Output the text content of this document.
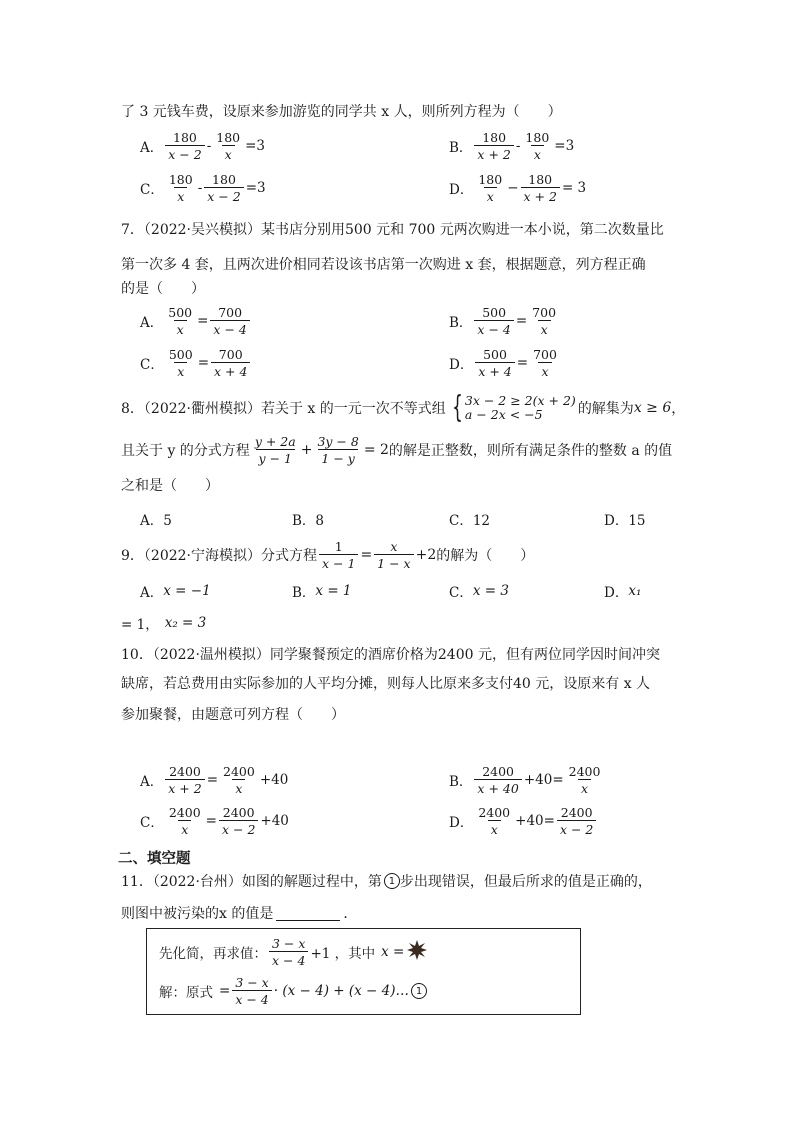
了 3 元钱车费，设原来参加游览的同学共 x 人，则所列方程为（　　）
A． $\frac{180}{x - 2} - \frac{180}{x} =3$	B． $\frac{180}{x + 2} - \frac{180}{x} =3$
C． $\frac{180}{x} - \frac{180}{x - 2} =3$	D． $\frac{180}{x} - \frac{180}{x + 2} = 3$
7．（2022·吴兴模拟）某书店分别用500 元和 700 元两次购进一本小说，第二次数量比
第一次多 4 套，且两次进价相同若设该书店第一次购进 x 套，根据题意，列方程正确
的是（　　）
A． $\frac{500}{x} = \frac{700}{x - 4}$	B． $\frac{500}{x - 4} = \frac{700}{x}$
C． $\frac{500}{x} = \frac{700}{x + 4}$	D． $\frac{500}{x + 4} = \frac{700}{x}$
8．（2022·衢州模拟）若关于 x 的一元一次不等式组 { 3x − 2 ≥ 2(x + 2)
a − 2x < −5	的解集为 x ≥ 6 ，
且关于 y 的分式方程 $\frac{y + 2a}{y - 1} + \frac{3y - 8}{1 - y} = 2$ 的解是正整数，则所有满足条件的整数 a 的值
之和是（　　）
A．5	B．8	C．12	D．15
9．（2022·宁海模拟）分式方程 $\frac{1}{x - 1} = \frac{x}{1 - x} +2$ 的解为（　　）
A． x = −1	B． x = 1	C． x = 3	D． x₁
= 1， x₂ = 3
10．（2022·温州模拟）同学聚餐预定的酒席价格为2400 元，但有两位同学因时间冲突
缺席，若总费用由实际参加的人平均分摊，则每人比原来多支付40 元，设原来有 x 人
参加聚餐，由题意可列方程（　　）
A． $\frac{2400}{x + 2} = \frac{2400}{x} +40$	B． $\frac{2400}{x + 40} +40 = \frac{2400}{x}$
C． $\frac{2400}{x} = \frac{2400}{x - 2} +40$	D． $\frac{2400}{x} +40 = \frac{2400}{x - 2}$
二、填空题
11．（2022·台州）如图的解题过程中，第 1 步出现错误，但最后所求的值是正确的，
则图中被污染的x 的值是	．
先化简，再求值： $\frac{3 - x}{x - 4} +1$ ，其中 x =
解：原式 = $\frac{3 - x}{x - 4} \cdot (x - 4) + (x$ − 4)… 1
